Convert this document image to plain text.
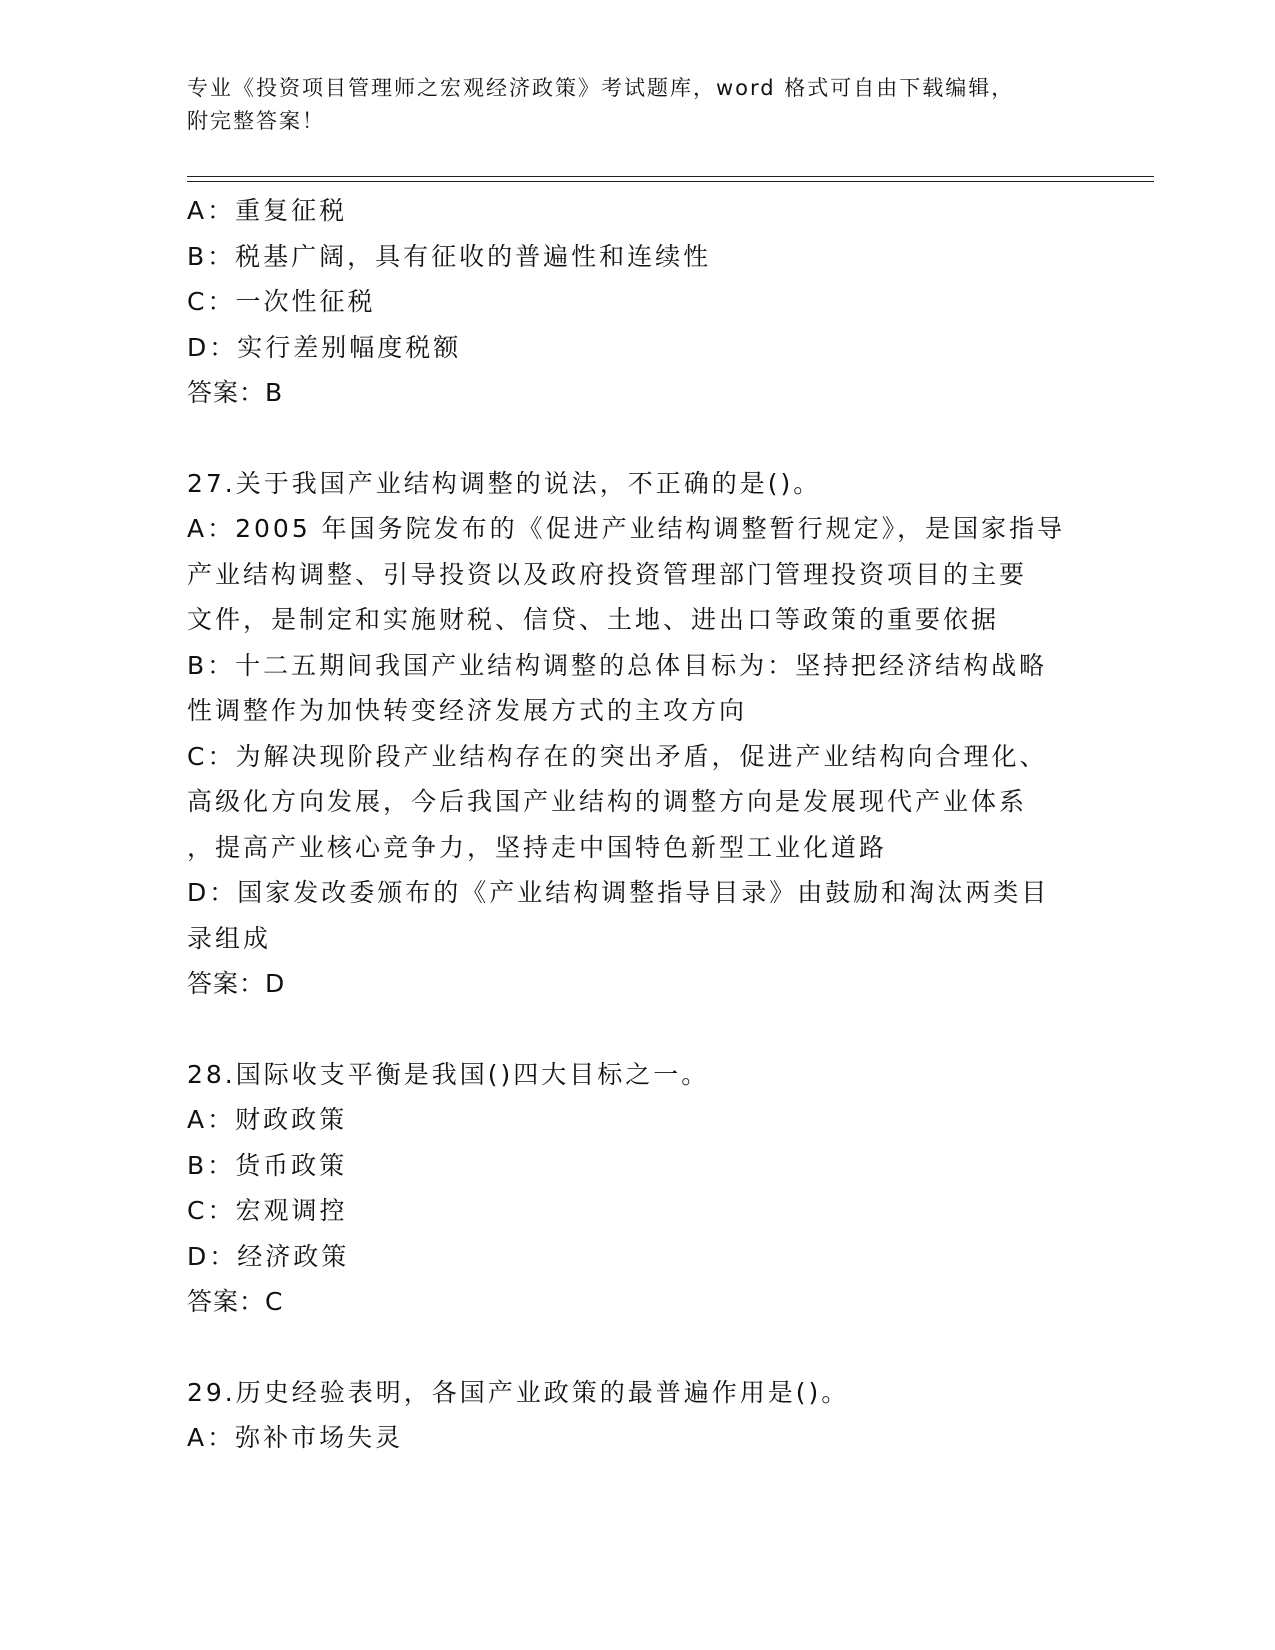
专业《投资项目管理师之宏观经济政策》考试题库，word 格式可自由下载编辑，
附完整答案！
A：重复征税
B：税基广阔，具有征收的普遍性和连续性
C：一次性征税
D：实行差别幅度税额
答案：B
27.关于我国产业结构调整的说法，不正确的是()。
A：2005 年国务院发布的《促进产业结构调整暂行规定》，是国家指导
产业结构调整、引导投资以及政府投资管理部门管理投资项目的主要
文件，是制定和实施财税、信贷、土地、进出口等政策的重要依据
B：十二五期间我国产业结构调整的总体目标为：坚持把经济结构战略
性调整作为加快转变经济发展方式的主攻方向
C：为解决现阶段产业结构存在的突出矛盾，促进产业结构向合理化、
高级化方向发展，今后我国产业结构的调整方向是发展现代产业体系
，提高产业核心竞争力，坚持走中国特色新型工业化道路
D：国家发改委颁布的《产业结构调整指导目录》由鼓励和淘汰两类目
录组成
答案：D
28.国际收支平衡是我国()四大目标之一。
A：财政政策
B：货币政策
C：宏观调控
D：经济政策
答案：C
29.历史经验表明，各国产业政策的最普遍作用是()。
A：弥补市场失灵
